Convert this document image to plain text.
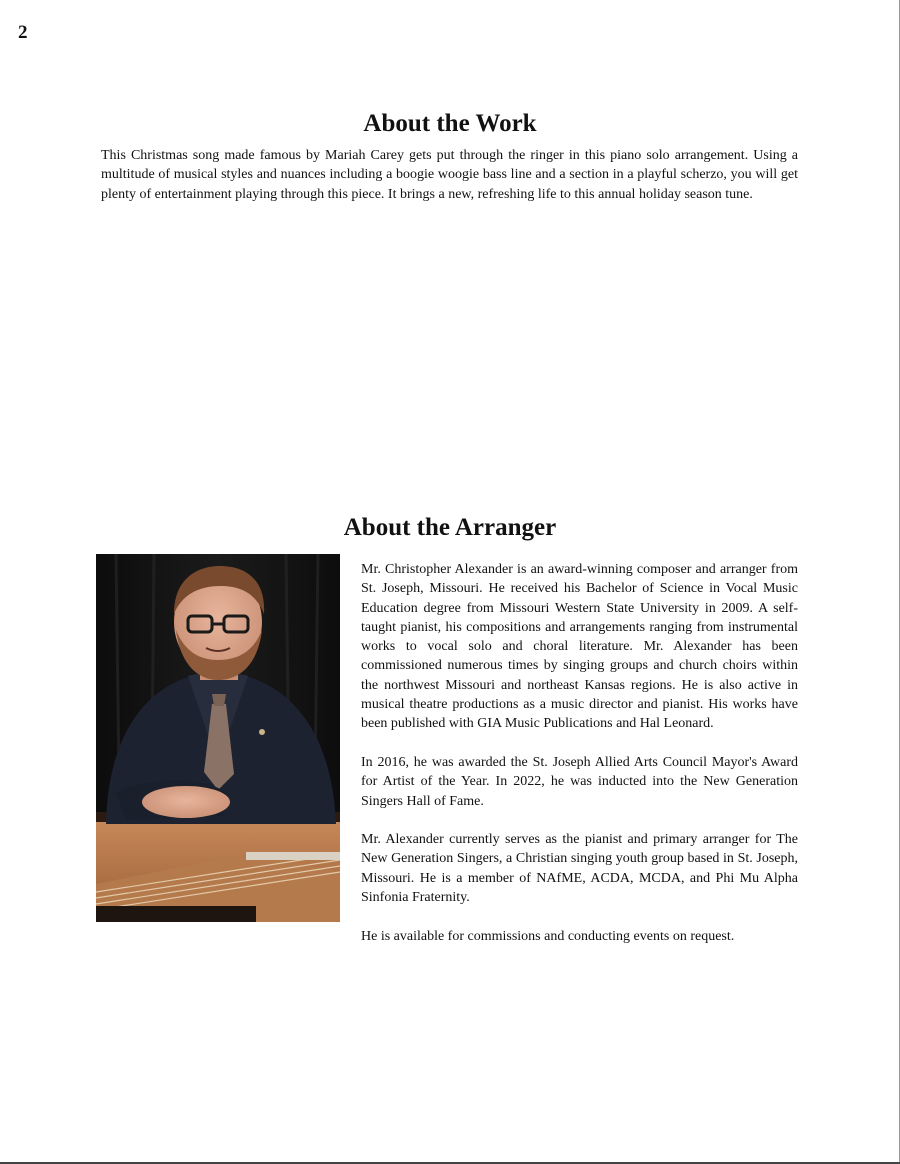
2
About the Work

This Christmas song made famous by Mariah Carey gets put through the ringer in this piano solo arrangement. Using a multitude of musical styles and nuances including a boogie woogie bass line and a section in a playful scherzo, you will get plenty of entertainment playing through this piece. It brings a new, refreshing life to this annual holiday season tune.

About the Arranger

Mr. Christopher Alexander is an award-winning composer and arranger from St. Joseph, Missouri. He received his Bachelor of Science in Vocal Music Education degree from Missouri Western State University in 2009. A self-taught pianist, his compositions and arrangements ranging from instrumental works to vocal solo and choral literature. Mr. Alexander has been commissioned numerous times by singing groups and church choirs within the northwest Missouri and northeast Kansas regions. He is also active in musical theatre productions as a music director and pianist. His works have been published with GIA Music Publications and Hal Leonard.

In 2016, he was awarded the St. Joseph Allied Arts Council Mayor's Award for Artist of the Year. In 2022, he was inducted into the New Generation Singers Hall of Fame.

Mr. Alexander currently serves as the pianist and primary arranger for The New Generation Singers, a Christian singing youth group based in St. Joseph, Missouri. He is a member of NAfME, ACDA, MCDA, and Phi Mu Alpha Sinfonia Fraternity.

He is available for commissions and conducting events on request.
